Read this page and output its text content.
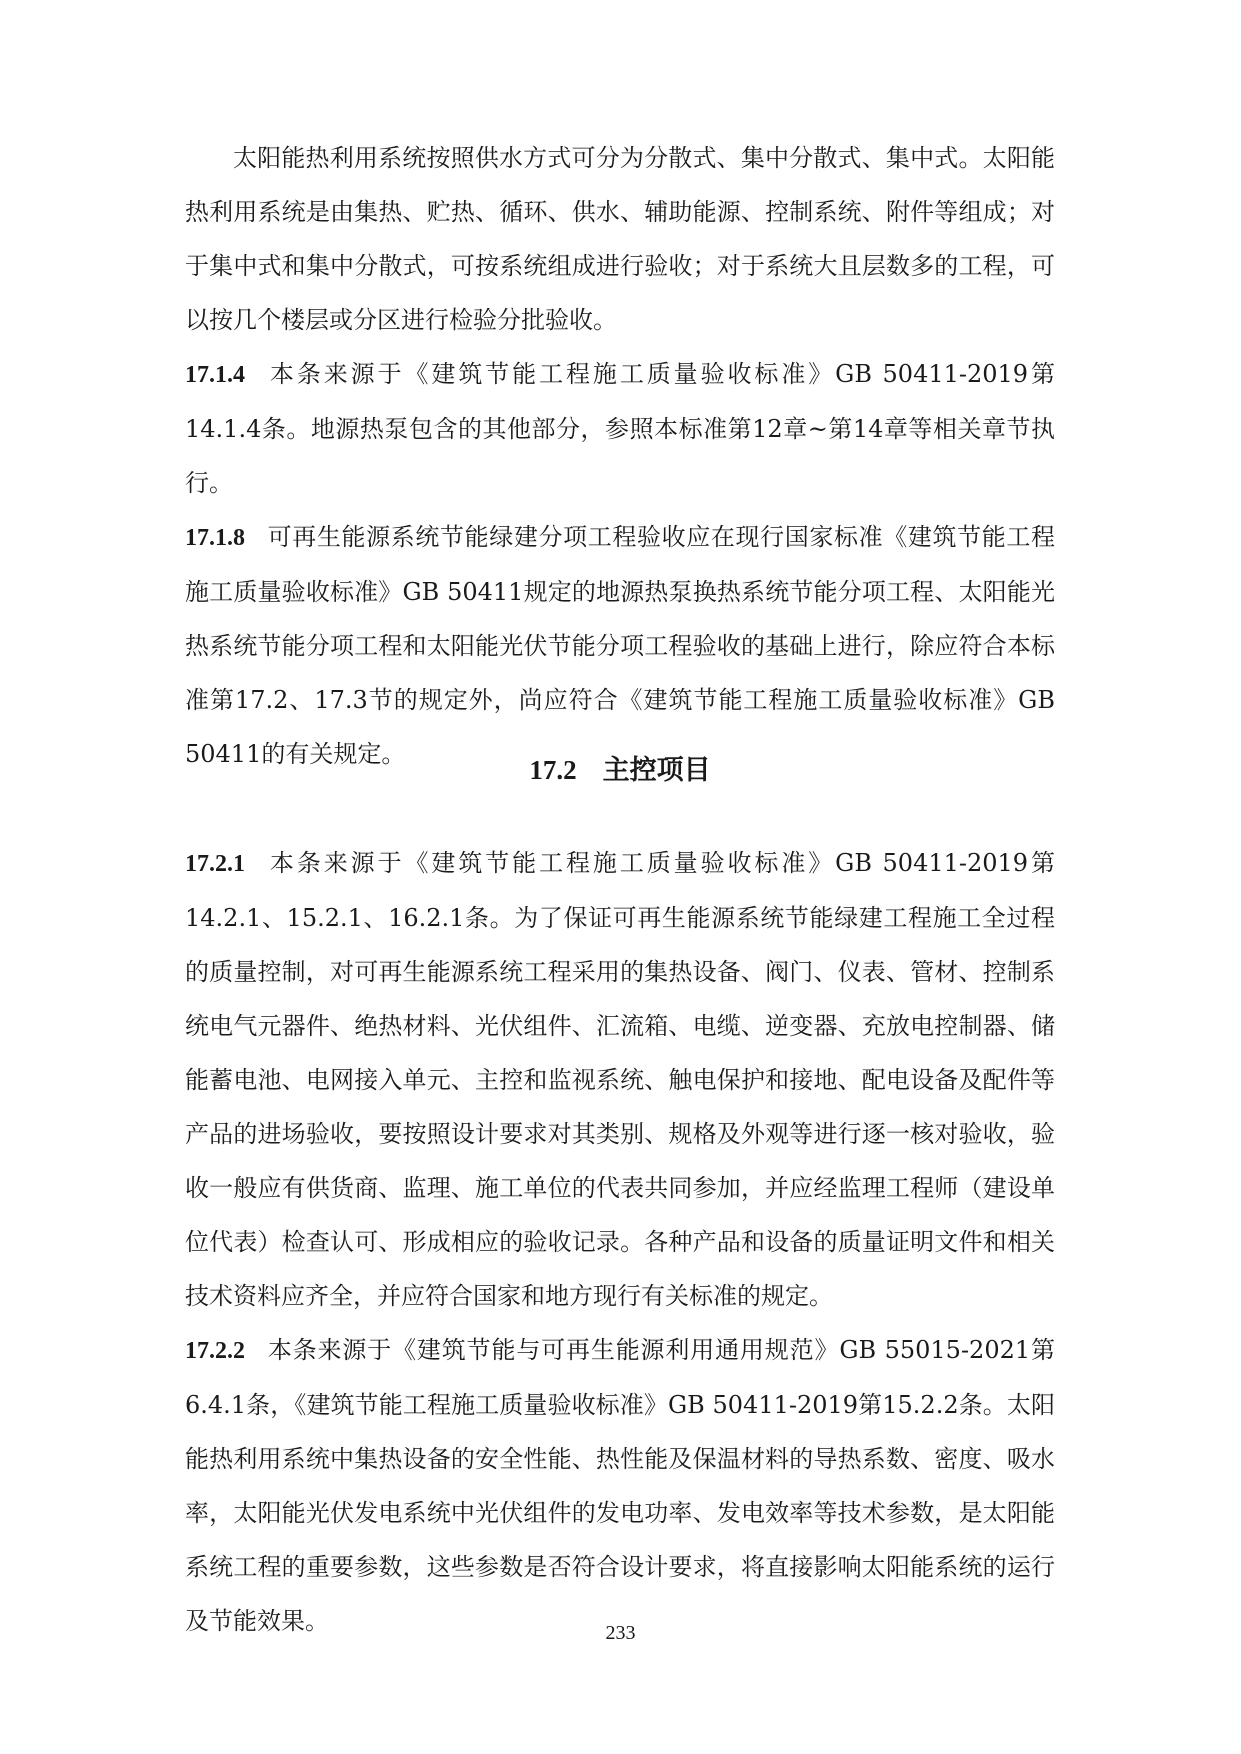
太阳能热利用系统按照供水方式可分为分散式、集中分散式、集中式。太阳能热利用系统是由集热、贮热、循环、供水、辅助能源、控制系统、附件等组成；对于集中式和集中分散式，可按系统组成进行验收；对于系统大且层数多的工程，可以按几个楼层或分区进行检验分批验收。

17.1.4 本条来源于《建筑节能工程施工质量验收标准》GB 50411-2019第14.1.4条。地源热泵包含的其他部分，参照本标准第12章~第14章等相关章节执行。

17.1.8 可再生能源系统节能绿建分项工程验收应在现行国家标准《建筑节能工程施工质量验收标准》GB 50411规定的地源热泵换热系统节能分项工程、太阳能光热系统节能分项工程和太阳能光伏节能分项工程验收的基础上进行，除应符合本标准第17.2、17.3节的规定外，尚应符合《建筑节能工程施工质量验收标准》GB 50411的有关规定。

17.2 主控项目

17.2.1 本条来源于《建筑节能工程施工质量验收标准》GB 50411-2019第14.2.1、15.2.1、16.2.1条。为了保证可再生能源系统节能绿建工程施工全过程的质量控制，对可再生能源系统工程采用的集热设备、阀门、仪表、管材、控制系统电气元器件、绝热材料、光伏组件、汇流箱、电缆、逆变器、充放电控制器、储能蓄电池、电网接入单元、主控和监视系统、触电保护和接地、配电设备及配件等产品的进场验收，要按照设计要求对其类别、规格及外观等进行逐一核对验收，验收一般应有供货商、监理、施工单位的代表共同参加，并应经监理工程师（建设单位代表）检查认可、形成相应的验收记录。各种产品和设备的质量证明文件和相关技术资料应齐全，并应符合国家和地方现行有关标准的规定。

17.2.2 本条来源于《建筑节能与可再生能源利用通用规范》GB 55015-2021第6.4.1条，《建筑节能工程施工质量验收标准》GB 50411-2019第15.2.2条。太阳能热利用系统中集热设备的安全性能、热性能及保温材料的导热系数、密度、吸水率，太阳能光伏发电系统中光伏组件的发电功率、发电效率等技术参数，是太阳能系统工程的重要参数，这些参数是否符合设计要求，将直接影响太阳能系统的运行及节能效果。	233
